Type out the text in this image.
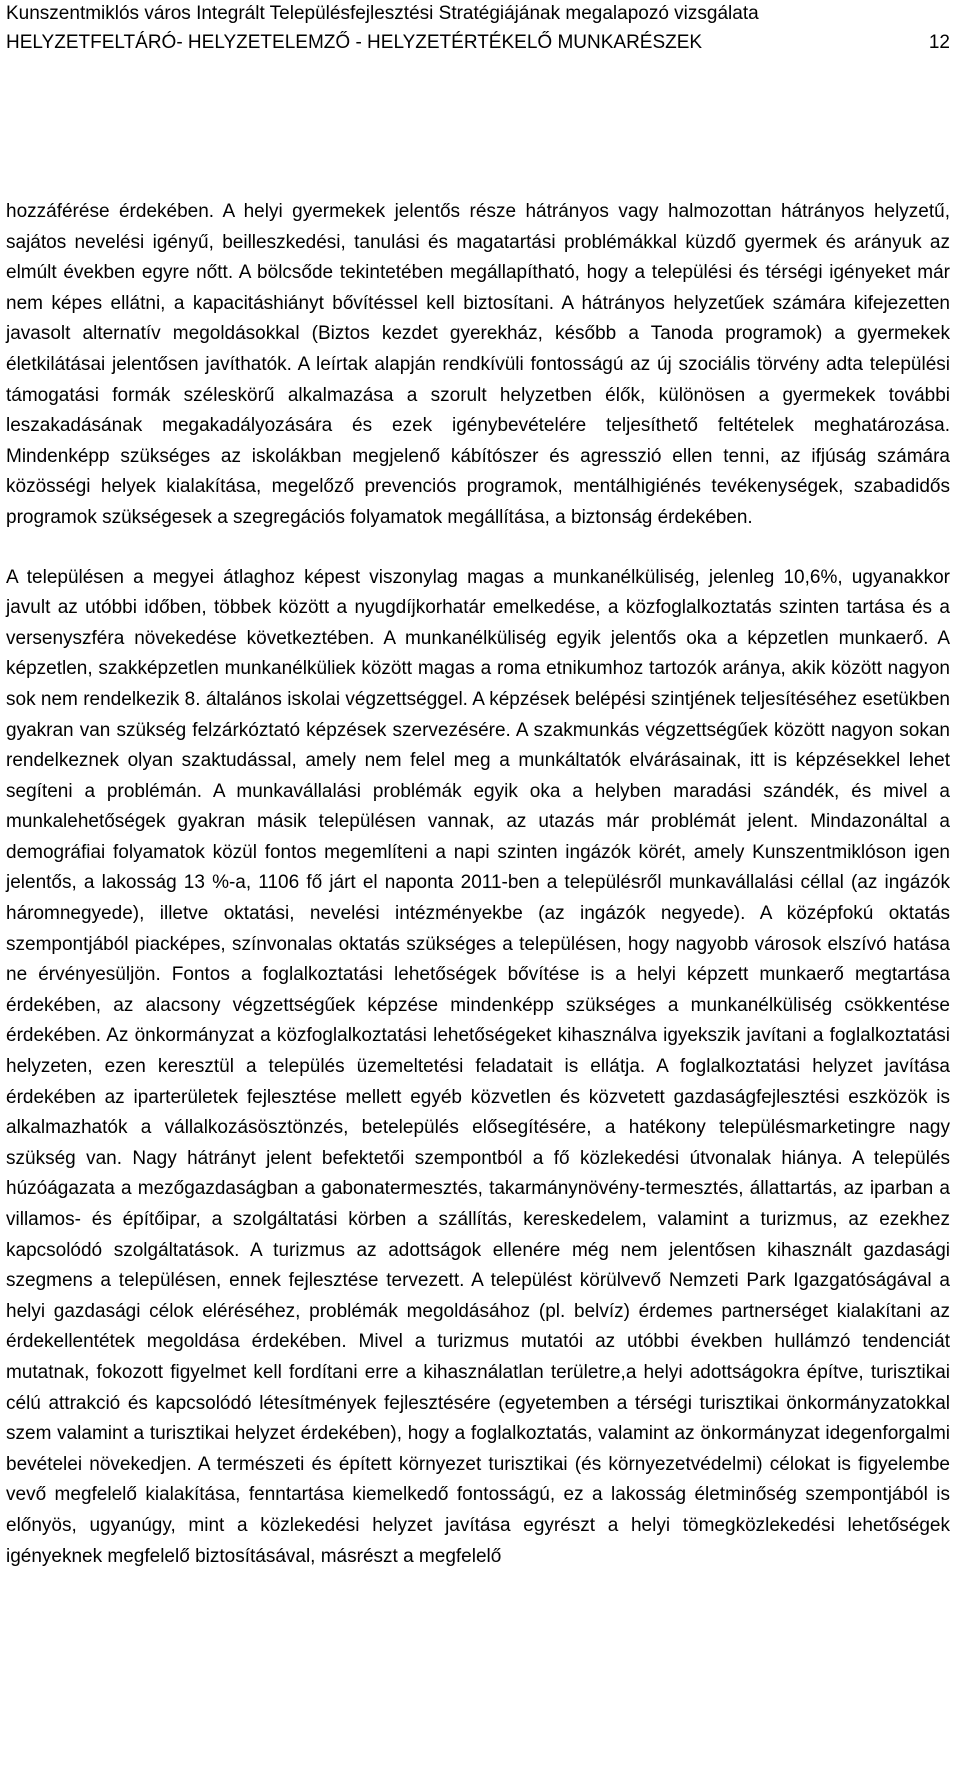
Kunszentmiklós város Integrált Településfejlesztési Stratégiájának megalapozó vizsgálata
HELYZETFELTÁRÓ- HELYZETELEMZŐ - HELYZETÉRTÉKELŐ MUNKARÉSZEK	12

hozzáférése érdekében. A helyi gyermekek jelentős része hátrányos vagy halmozottan hátrányos helyzetű, sajátos nevelési igényű, beilleszkedési, tanulási és magatartási problémákkal küzdő gyermek és arányuk az elmúlt években egyre nőtt. A bölcsőde tekintetében megállapítható, hogy a települési és térségi igényeket már nem képes ellátni, a kapacitáshiányt bővítéssel kell biztosítani. A hátrányos helyzetűek számára kifejezetten javasolt alternatív megoldásokkal (Biztos kezdet gyerekház, később a Tanoda programok) a gyermekek életkilátásai jelentősen javíthatók. A leírtak alapján rendkívüli fontosságú az új szociális törvény adta települési támogatási formák széleskörű alkalmazása a szorult helyzetben élők, különösen a gyermekek további leszakadásának megakadályozására és ezek igénybevételére teljesíthető feltételek meghatározása. Mindenképp szükséges az iskolákban megjelenő kábítószer és agresszió ellen tenni, az ifjúság számára közösségi helyek kialakítása, megelőző prevenciós programok, mentálhigiénés tevékenységek, szabadidős programok szükségesek a szegregációs folyamatok megállítása, a biztonság érdekében.

A településen a megyei átlaghoz képest viszonylag magas a munkanélküliség, jelenleg 10,6%, ugyanakkor javult az utóbbi időben, többek között a nyugdíjkorhatár emelkedése, a közfoglalkoztatás szinten tartása és a versenyszféra növekedése következtében. A munkanélküliség egyik jelentős oka a képzetlen munkaerő. A képzetlen, szakképzetlen munkanélküliek között magas a roma etnikumhoz tartozók aránya, akik között nagyon sok nem rendelkezik 8. általános iskolai végzettséggel. A képzések belépési szintjének teljesítéséhez esetükben gyakran van szükség felzárkóztató képzések szervezésére. A szakmunkás végzettségűek között nagyon sokan rendelkeznek olyan szaktudással, amely nem felel meg a munkáltatók elvárásainak, itt is képzésekkel lehet segíteni a problémán. A munkavállalási problémák egyik oka a helyben maradási szándék, és mivel a munkalehetőségek gyakran másik településen vannak, az utazás már problémát jelent. Mindazonáltal a demográfiai folyamatok közül fontos megemlíteni a napi szinten ingázók körét, amely Kunszentmiklóson igen jelentős, a lakosság 13 %-a, 1106 fő járt el naponta 2011-ben a településről munkavállalási céllal (az ingázók háromnegyede), illetve oktatási, nevelési intézményekbe (az ingázók negyede). A középfokú oktatás szempontjából piacképes, színvonalas oktatás szükséges a településen, hogy nagyobb városok elszívó hatása ne érvényesüljön. Fontos a foglalkoztatási lehetőségek bővítése is a helyi képzett munkaerő megtartása érdekében, az alacsony végzettségűek képzése mindenképp szükséges a munkanélküliség csökkentése érdekében. Az önkormányzat a közfoglalkoztatási lehetőségeket kihasználva igyekszik javítani a foglalkoztatási helyzeten, ezen keresztül a település üzemeltetési feladatait is ellátja. A foglalkoztatási helyzet javítása érdekében az iparterületek fejlesztése mellett egyéb közvetlen és közvetett gazdaságfejlesztési eszközök is alkalmazhatók a vállalkozásösztönzés, betelepülés elősegítésére, a hatékony településmarketingre nagy szükség van. Nagy hátrányt jelent befektetői szempontból a fő közlekedési útvonalak hiánya. A település húzóágazata a mezőgazdaságban a gabonatermesztés, takarmánynövény-termesztés, állattartás, az iparban a villamos- és építőipar, a szolgáltatási körben a szállítás, kereskedelem, valamint a turizmus, az ezekhez kapcsolódó szolgáltatások. A turizmus az adottságok ellenére még nem jelentősen kihasznált gazdasági szegmens a településen, ennek fejlesztése tervezett. A települést körülvevő Nemzeti Park Igazgatóságával a helyi gazdasági célok eléréséhez, problémák megoldásához (pl. belvíz) érdemes partnerséget kialakítani az érdekellentétek megoldása érdekében. Mivel a turizmus mutatói az utóbbi években hullámzó tendenciát mutatnak, fokozott figyelmet kell fordítani erre a kihasználatlan területre,a helyi adottságokra építve, turisztikai célú attrakció és kapcsolódó létesítmények fejlesztésére (egyetemben a térségi turisztikai önkormányzatokkal szem valamint a turisztikai helyzet érdekében), hogy a foglalkoztatás, valamint az önkormányzat idegenforgalmi bevételei növekedjen. A természeti és épített környezet turisztikai (és környezetvédelmi) célokat is figyelembe vevő megfelelő kialakítása, fenntartása kiemelkedő fontosságú, ez a lakosság életminőség szempontjából is előnyös, ugyanúgy, mint a közlekedési helyzet javítása egyrészt a helyi tömegközlekedési lehetőségek igényeknek megfelelő biztosításával, másrészt a megfelelő
